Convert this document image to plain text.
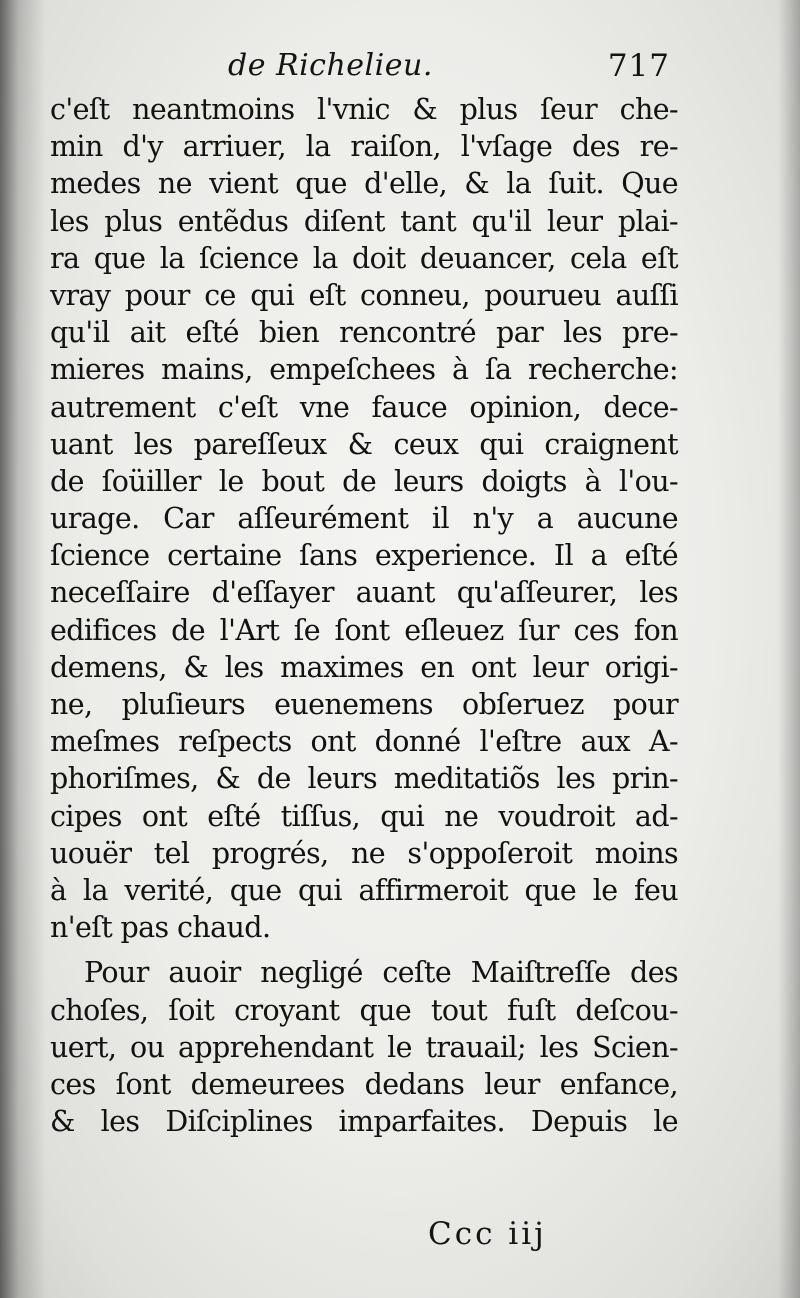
de Richelieu.	717
c'eſt neantmoins l'vnic & plus ſeur che-
min d'y arriuer, la raiſon, l'vſage des re-
medes ne vient que d'elle, & la ſuit. Que
les plus entẽdus diſent tant qu'il leur plai-
ra que la ſcience la doit deuancer, cela eſt
vray pour ce qui eſt conneu, pourueu auſſi
qu'il ait eſté bien rencontré par les pre-
mieres mains, empeſchees à ſa recherche:
autrement c'eſt vne fauce opinion, dece-
uant les pareſſeux & ceux qui craignent
de ſoüiller le bout de leurs doigts à l'ou-
urage. Car aſſeurément il n'y a aucune
ſcience certaine ſans experience. Il a eſté
neceſſaire d'eſſayer auant qu'aſſeurer, les
edifices de l'Art ſe ſont eſleuez ſur ces fon
demens, & les maximes en ont leur origi-
ne, pluſieurs euenemens obſeruez pour
meſmes reſpects ont donné l'eſtre aux A-
phoriſmes, & de leurs meditatiõs les prin-
cipes ont eſté tiſſus, qui ne voudroit ad-
uouër tel progrés, ne s'oppoſeroit moins
à la verité, que qui affirmeroit que le feu
n'eſt pas chaud.
Pour auoir negligé ceſte Maiſtreſſe des
choſes, ſoit croyant que tout fuſt deſcou-
uert, ou apprehendant le trauail; les Scien-
ces ſont demeurees dedans leur enfance,
& les Diſciplines imparfaites. Depuis le
Ccc iij
